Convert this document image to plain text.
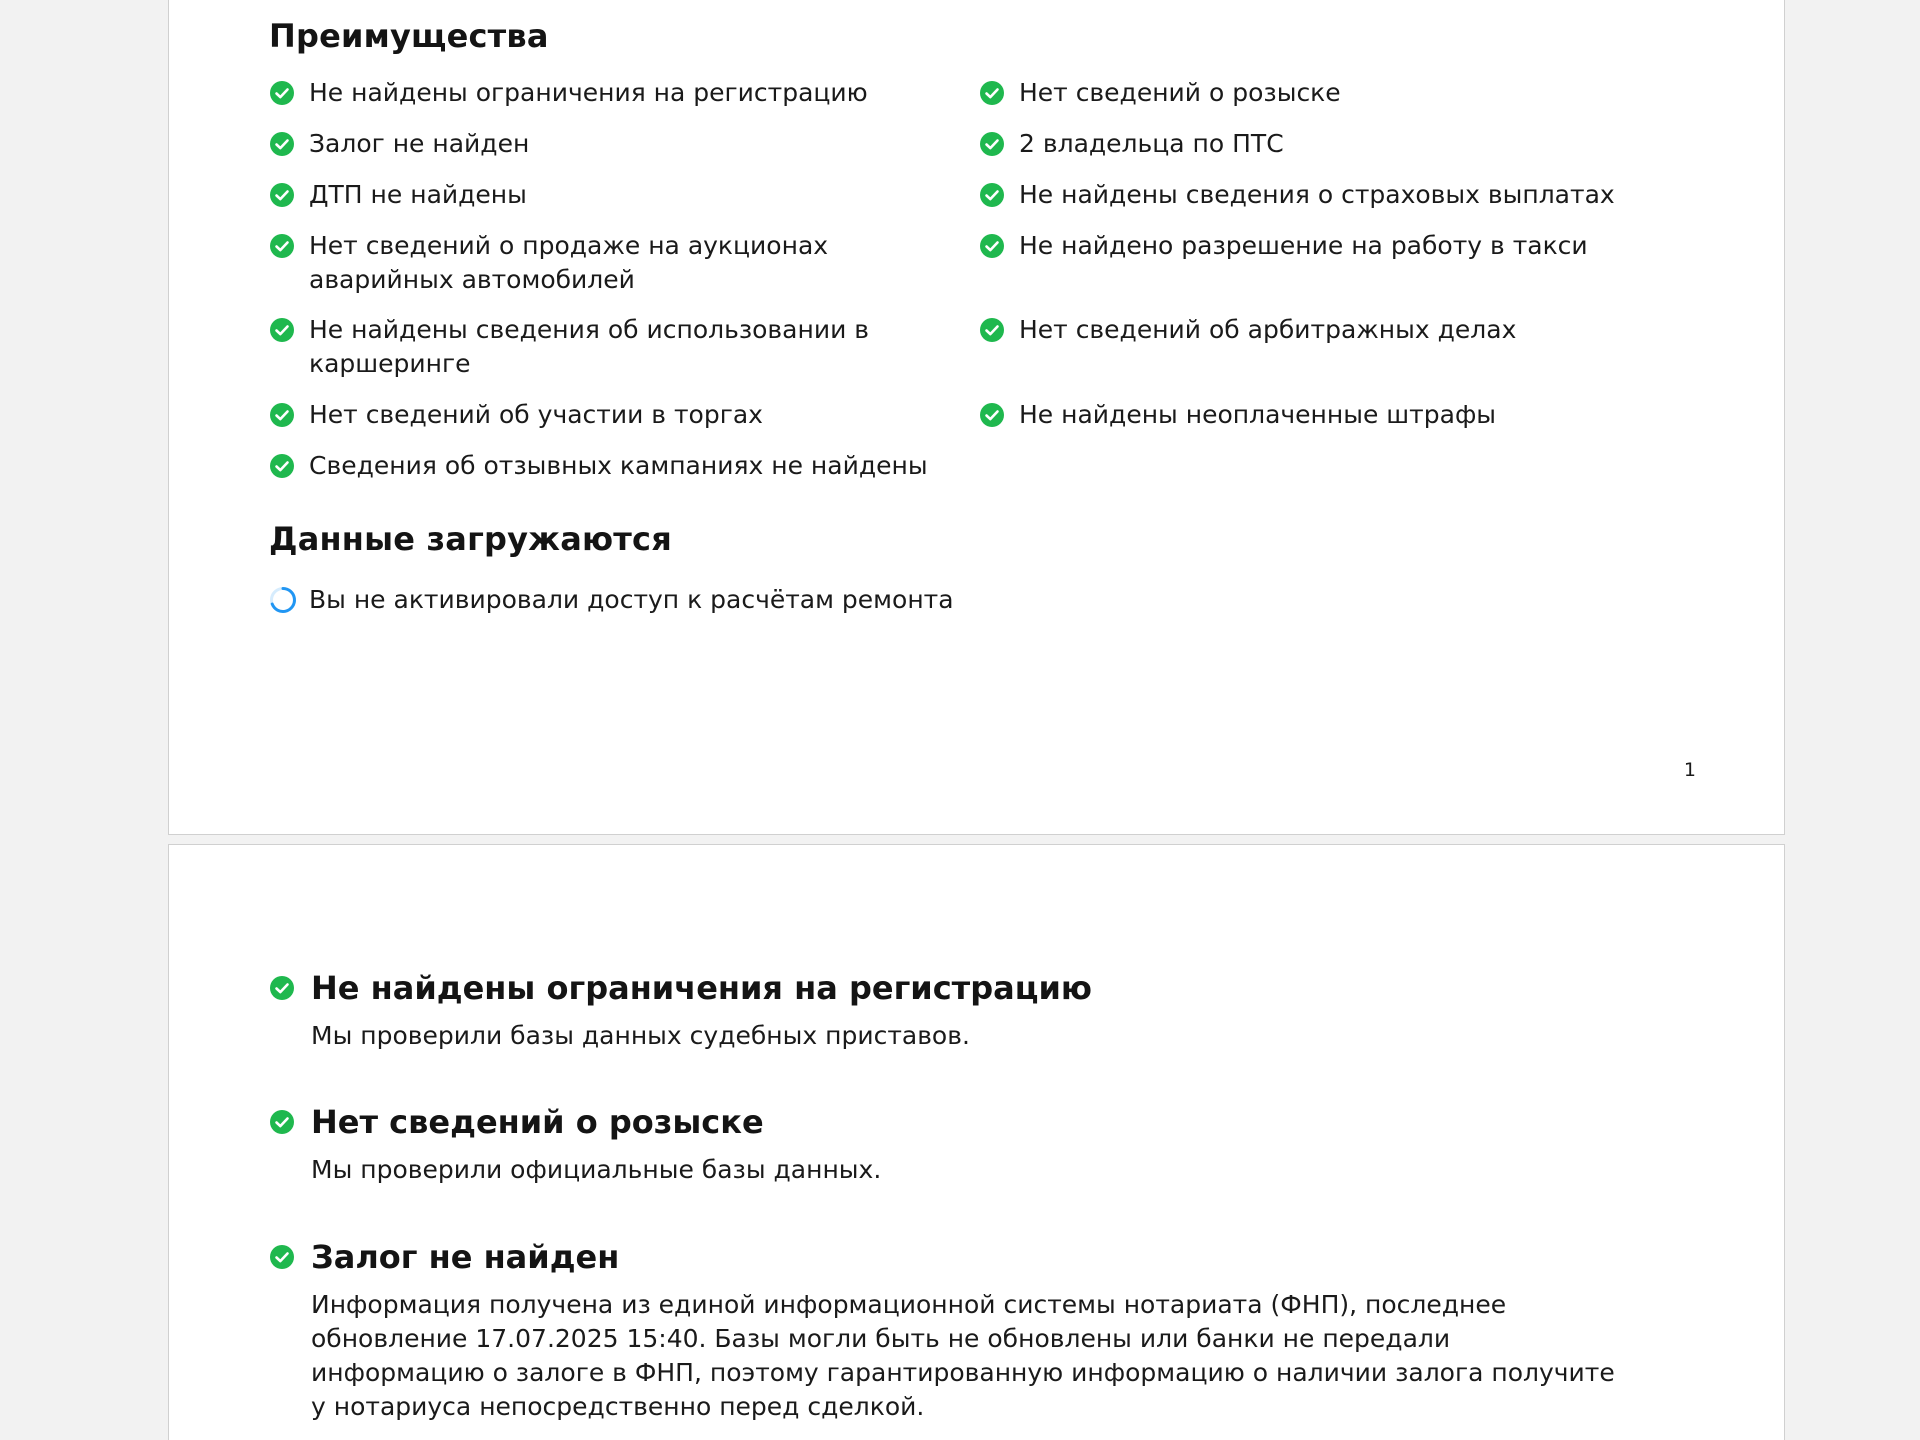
Преимущества
Не найдены ограничения на регистрацию	Нет сведений о розыске
Залог не найден	2 владельца по ПТС
ДТП не найдены	Не найдены сведения о страховых выплатах
Нет сведений о продаже на аукционах аварийных автомобилей
Не найдено разрешение на работу в такси
Не найдены сведения об использовании в каршеринге
Нет сведений об арбитражных делах
Нет сведений об участии в торгах	Не найдены неоплаченные штрафы
Сведения об отзывных кампаниях не найдены
Данные загружаются
Вы не активировали доступ к расчётам ремонта
1
Не найдены ограничения на регистрацию

Мы проверили базы данных судебных приставов.

Нет сведений о розыске

Мы проверили официальные базы данных.

Залог не найден

Информация получена из единой информационной системы нотариата (ФНП), последнее обновление 17.07.2025 15:40. Базы могли быть не обновлены или банки не передали информацию о залоге в ФНП, поэтому гарантированную информацию о наличии залога получите у нотариуса непосредственно перед сделкой.
